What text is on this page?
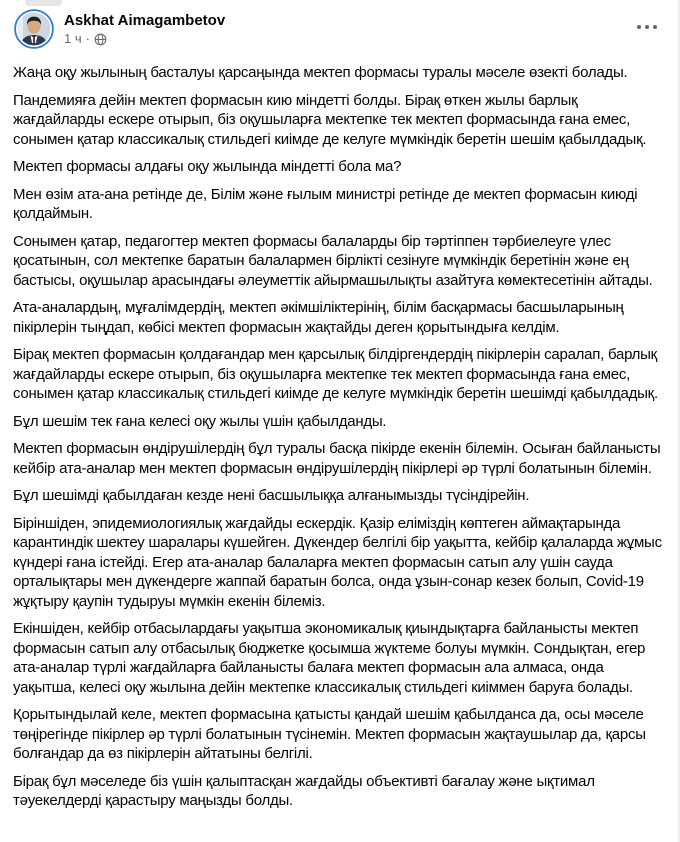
Askhat Aimagambetov
1 ч ·

Жаңа оқу жылының басталуы қарсаңында мектеп формасы туралы мәселе өзекті болады.

Пандемияға дейін мектеп формасын кию міндетті болды. Бірақ өткен жылы барлық жағдайларды ескере отырып, біз оқушыларға мектепке тек мектеп формасында ғана емес, сонымен қатар классикалық стильдегі киімде де келуге мүмкіндік беретін шешім қабылдадық.

Мектеп формасы алдағы оқу жылында міндетті бола ма?

Мен өзім ата-ана ретінде де, Білім және ғылым министрі ретінде де мектеп формасын киюді қолдаймын.

Сонымен қатар, педагогтер мектеп формасы балаларды бір тәртіппен тәрбиелеуге үлес қосатынын, сол мектепке баратын балалармен бірлікті сезінуге мүмкіндік беретінін және ең бастысы, оқушылар арасындағы әлеуметтік айырмашылықты азайтуға көмектесетінін айтады.

Ата-аналардың, мұғалімдердің, мектеп әкімшіліктерінің, білім басқармасы басшыларының пікірлерін тыңдап, көбісі мектеп формасын жақтайды деген қорытындыға келдім.

Бірақ мектеп формасын қолдағандар мен қарсылық білдіргендердің пікірлерін саралап, барлық жағдайларды ескере отырып, біз оқушыларға мектепке тек мектеп формасында ғана емес, сонымен қатар классикалық стильдегі киімде де келуге мүмкіндік беретін шешімді қабылдадық.

Бұл шешім тек ғана келесі оқу жылы үшін қабылданды.

Мектеп формасын өндірушілердің бұл туралы басқа пікірде екенін білемін. Осыған байланысты кейбір ата-аналар мен мектеп формасын өндірушілердің пікірлері әр түрлі болатынын білемін.

Бұл шешімді қабылдаған кезде нені басшылыққа алғанымызды түсіндірейін.

Біріншіден, эпидемиологиялық жағдайды ескердік. Қазір еліміздің көптеген аймақтарында карантиндік шектеу шаралары күшейген. Дүкендер белгілі бір уақытта, кейбір қалаларда жұмыс күндері ғана істейді. Егер ата-аналар балаларға мектеп формасын сатып алу үшін сауда орталықтары мен дүкендерге жаппай баратын болса, онда ұзын-сонар кезек болып, Covid-19 жұқтыру қаупін тудыруы мүмкін екенін білеміз.

Екіншіден, кейбір отбасылардағы уақытша экономикалық қиындықтарға байланысты мектеп формасын сатып алу отбасылық бюджетке қосымша жүктеме болуы мүмкін. Сондықтан, егер ата-аналар түрлі жағдайларға байланысты балаға мектеп формасын ала алмаса, онда уақытша, келесі оқу жылына дейін мектепке классикалық стильдегі киіммен баруға болады.

Қорытындылай келе, мектеп формасына қатысты қандай шешім қабылданса да, осы мәселе төңірегінде пікірлер әр түрлі болатынын түсінемін. Мектеп формасын жақтаушылар да, қарсы болғандар да өз пікірлерін айтатыны белгілі.

Бірақ бұл мәселеде біз үшін қалыптасқан жағдайды объективті бағалау және ықтимал тәуекелдерді қарастыру маңызды болды.
